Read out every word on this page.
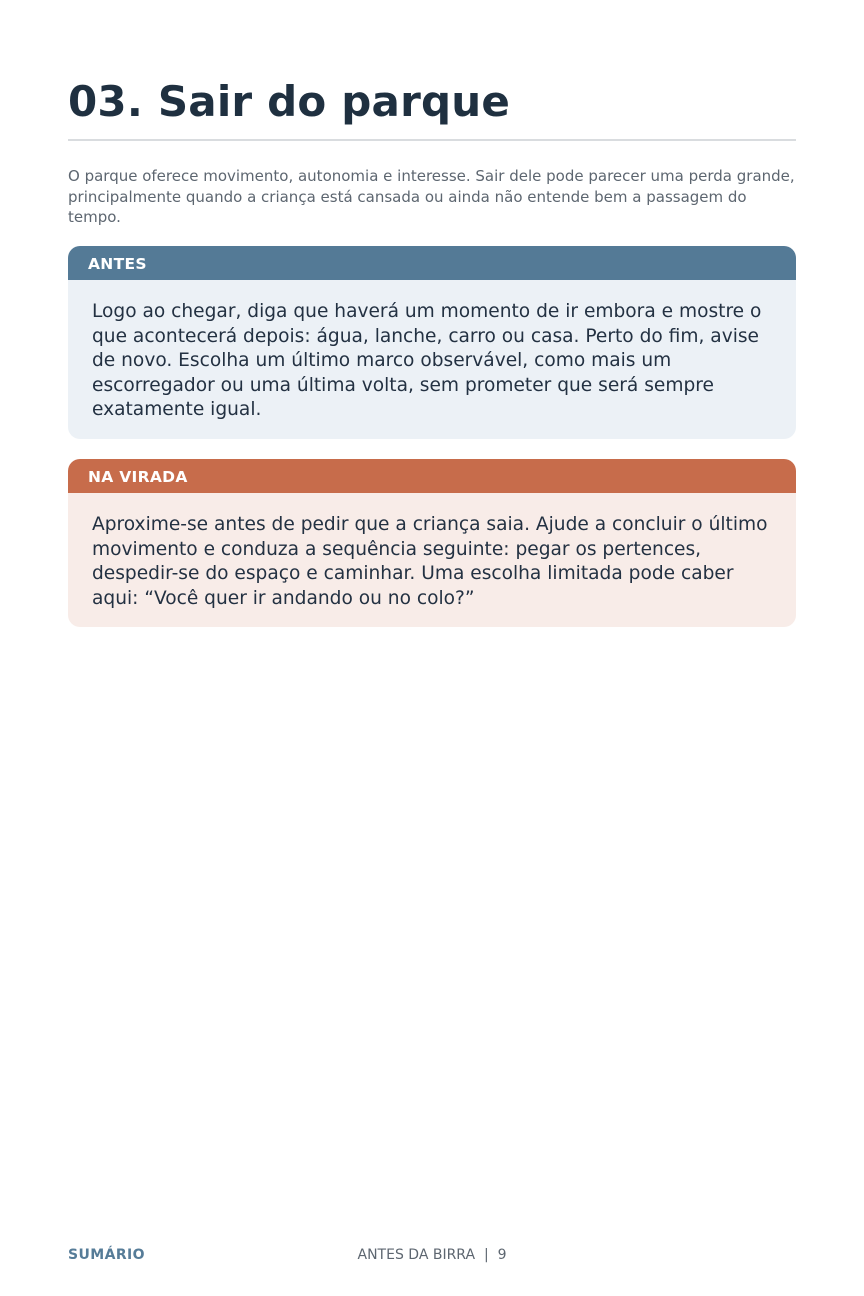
03. Sair do parque

O parque oferece movimento, autonomia e interesse. Sair dele pode parecer uma perda grande, principalmente quando a criança está cansada ou ainda não entende bem a passagem do tempo.

ANTES
Logo ao chegar, diga que haverá um momento de ir embora e mostre o que acontecerá depois: água, lanche, carro ou casa. Perto do fim, avise de novo. Escolha um último marco observável, como mais um escorregador ou uma última volta, sem prometer que será sempre exatamente igual.
NA VIRADA
Aproxime-se antes de pedir que a criança saia. Ajude a concluir o último movimento e conduza a sequência seguinte: pegar os pertences, despedir-se do espaço e caminhar. Uma escolha limitada pode caber aqui: “Você quer ir andando ou no colo?”
SUMÁRIO	ANTES DA BIRRA | 9
